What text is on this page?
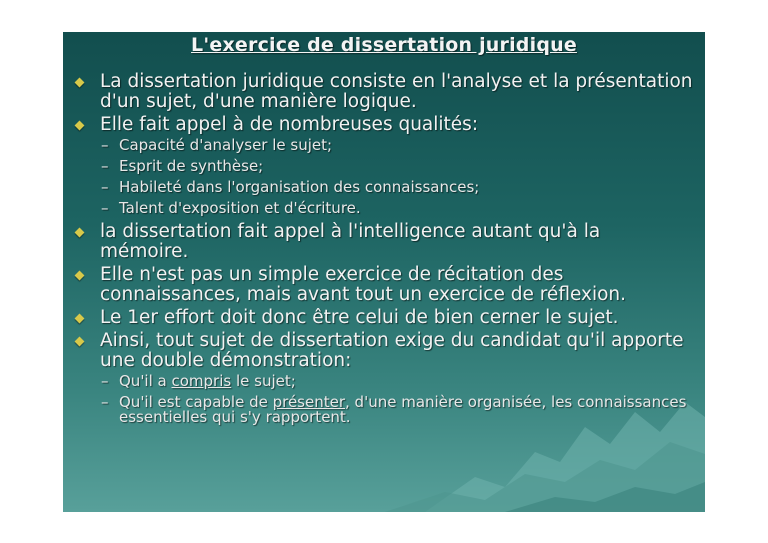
L'exercice de dissertation juridique
La dissertation juridique consiste en l'analyse et la présentation d'un sujet, d'une manière logique.
Elle fait appel à de nombreuses qualités:
– Capacité d'analyser le sujet;
– Esprit de synthèse;
– Habileté dans l'organisation des connaissances;
– Talent d'exposition et d'écriture.
la dissertation fait appel à l'intelligence autant qu'à la mémoire.
Elle n'est pas un simple exercice de récitation des connaissances, mais avant tout un exercice de réflexion.
Le 1er effort doit donc être celui de bien cerner le sujet.
Ainsi, tout sujet de dissertation exige du candidat qu'il apporte une double démonstration:
– Qu'il a compris le sujet;
– Qu'il est capable de présenter, d'une manière organisée, les connaissances essentielles qui s'y rapportent.
